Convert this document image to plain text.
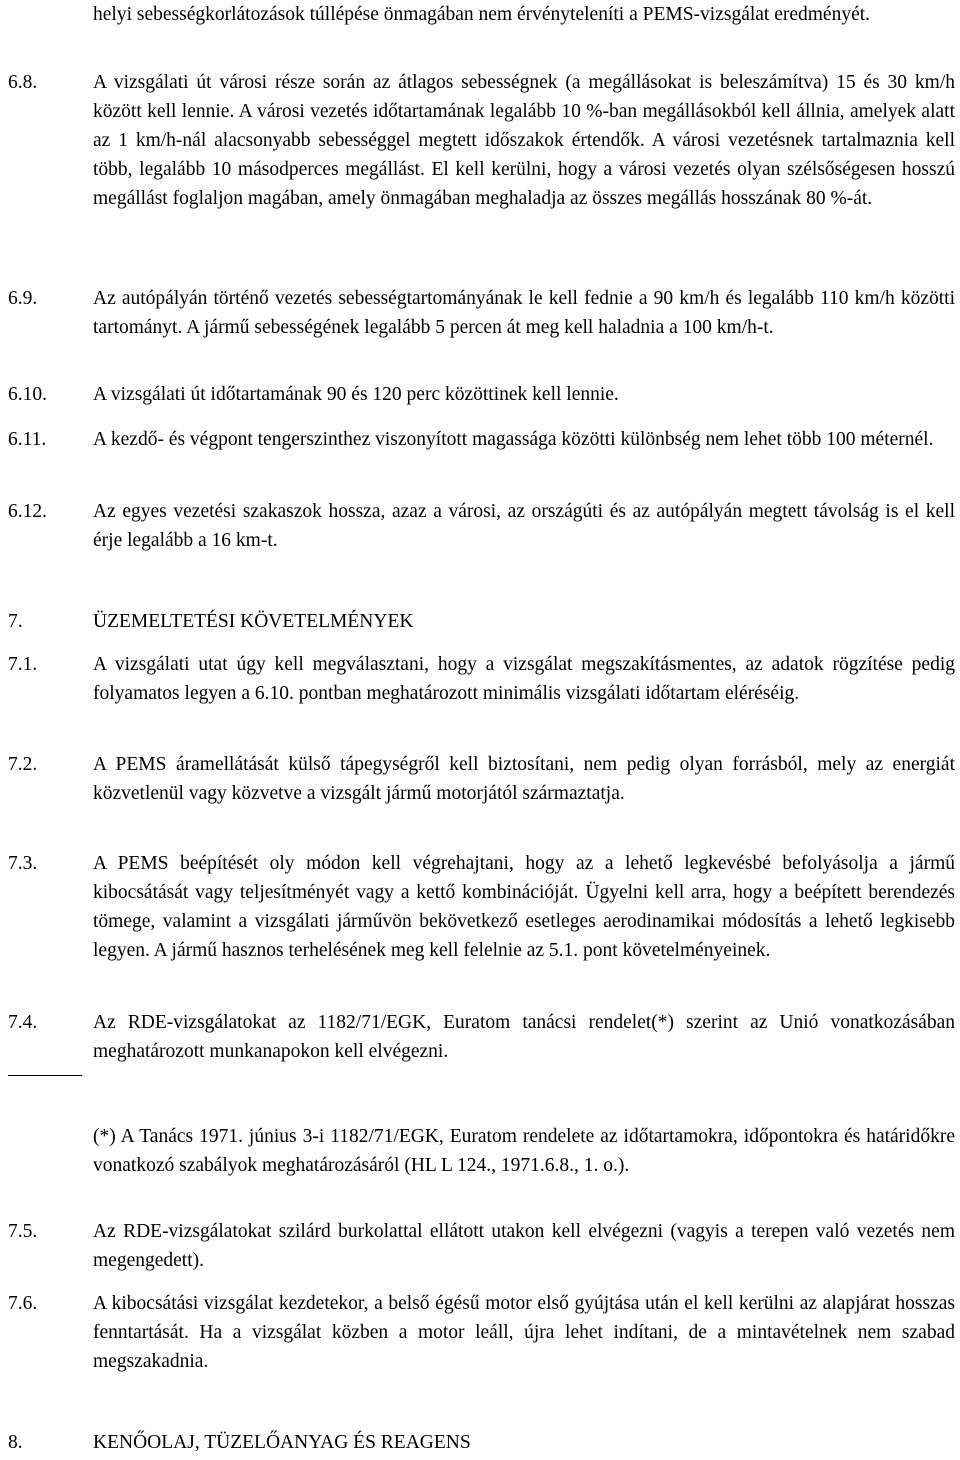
helyi sebességkorlátozások túllépése önmagában nem érvényteleníti a PEMS-vizsgálat eredményét.
6.8.	A vizsgálati út városi része során az átlagos sebességnek (a megállásokat is beleszámítva) 15 és 30 km/h között kell lennie. A városi vezetés időtartamának legalább 10 %-ban megállásokból kell állnia, amelyek alatt az 1 km/h-nál alacsonyabb sebességgel megtett időszakok értendők. A városi vezetésnek tartalmaznia kell több, legalább 10 másodperces megállást. El kell kerülni, hogy a városi vezetés olyan szélsőségesen hosszú megállást foglaljon magában, amely önmagában meghaladja az összes megállás hosszának 80 %-át.
6.9.	Az autópályán történő vezetés sebességtartományának le kell fednie a 90 km/h és legalább 110 km/h közötti tartományt. A jármű sebességének legalább 5 percen át meg kell haladnia a 100 km/h-t.
6.10. A vizsgálati út időtartamának 90 és 120 perc közöttinek kell lennie.
6.11. A kezdő- és végpont tengerszinthez viszonyított magassága közötti különbség nem lehet több 100 méternél.
6.12. Az egyes vezetési szakaszok hossza, azaz a városi, az országúti és az autópályán megtett távolság is el kell érje legalább a 16 km-t.
7.	ÜZEMELTETÉSI KÖVETELMÉNYEK
7.1.	A vizsgálati utat úgy kell megválasztani, hogy a vizsgálat megszakításmentes, az adatok rögzítése pedig folyamatos legyen a 6.10. pontban meghatározott minimális vizsgálati időtartam eléréséig.
7.2.	A PEMS áramellátását külső tápegységről kell biztosítani, nem pedig olyan forrásból, mely az energiát közvetlenül vagy közvetve a vizsgált jármű motorjától származtatja.
7.3.	A PEMS beépítését oly módon kell végrehajtani, hogy az a lehető legkevésbé befolyásolja a jármű kibocsátását vagy teljesítményét vagy a kettő kombinációját. Ügyelni kell arra, hogy a beépített berendezés tömege, valamint a vizsgálati járművön bekövetkező esetleges aerodinamikai módosítás a lehető legkisebb legyen. A jármű hasznos terhelésének meg kell felelnie az 5.1. pont követelményeinek.
7.4.	Az RDE-vizsgálatokat az 1182/71/EGK, Euratom tanácsi rendelet(*) szerint az Unió vonatkozásában meghatározott munkanapokon kell elvégezni.
(*) A Tanács 1971. június 3-i 1182/71/EGK, Euratom rendelete az időtartamokra, időpontokra és határidőkre vonatkozó szabályok meghatározásáról (HL L 124., 1971.6.8., 1. o.).
7.5.	Az RDE-vizsgálatokat szilárd burkolattal ellátott utakon kell elvégezni (vagyis a terepen való vezetés nem megengedett).
7.6.	A kibocsátási vizsgálat kezdetekor, a belső égésű motor első gyújtása után el kell kerülni az alapjárat hosszas fenntartását. Ha a vizsgálat közben a motor leáll, újra lehet indítani, de a mintavételnek nem szabad megszakadnia.
8.	KENŐOLAJ, TÜZELŐANYAG ÉS REAGENS
